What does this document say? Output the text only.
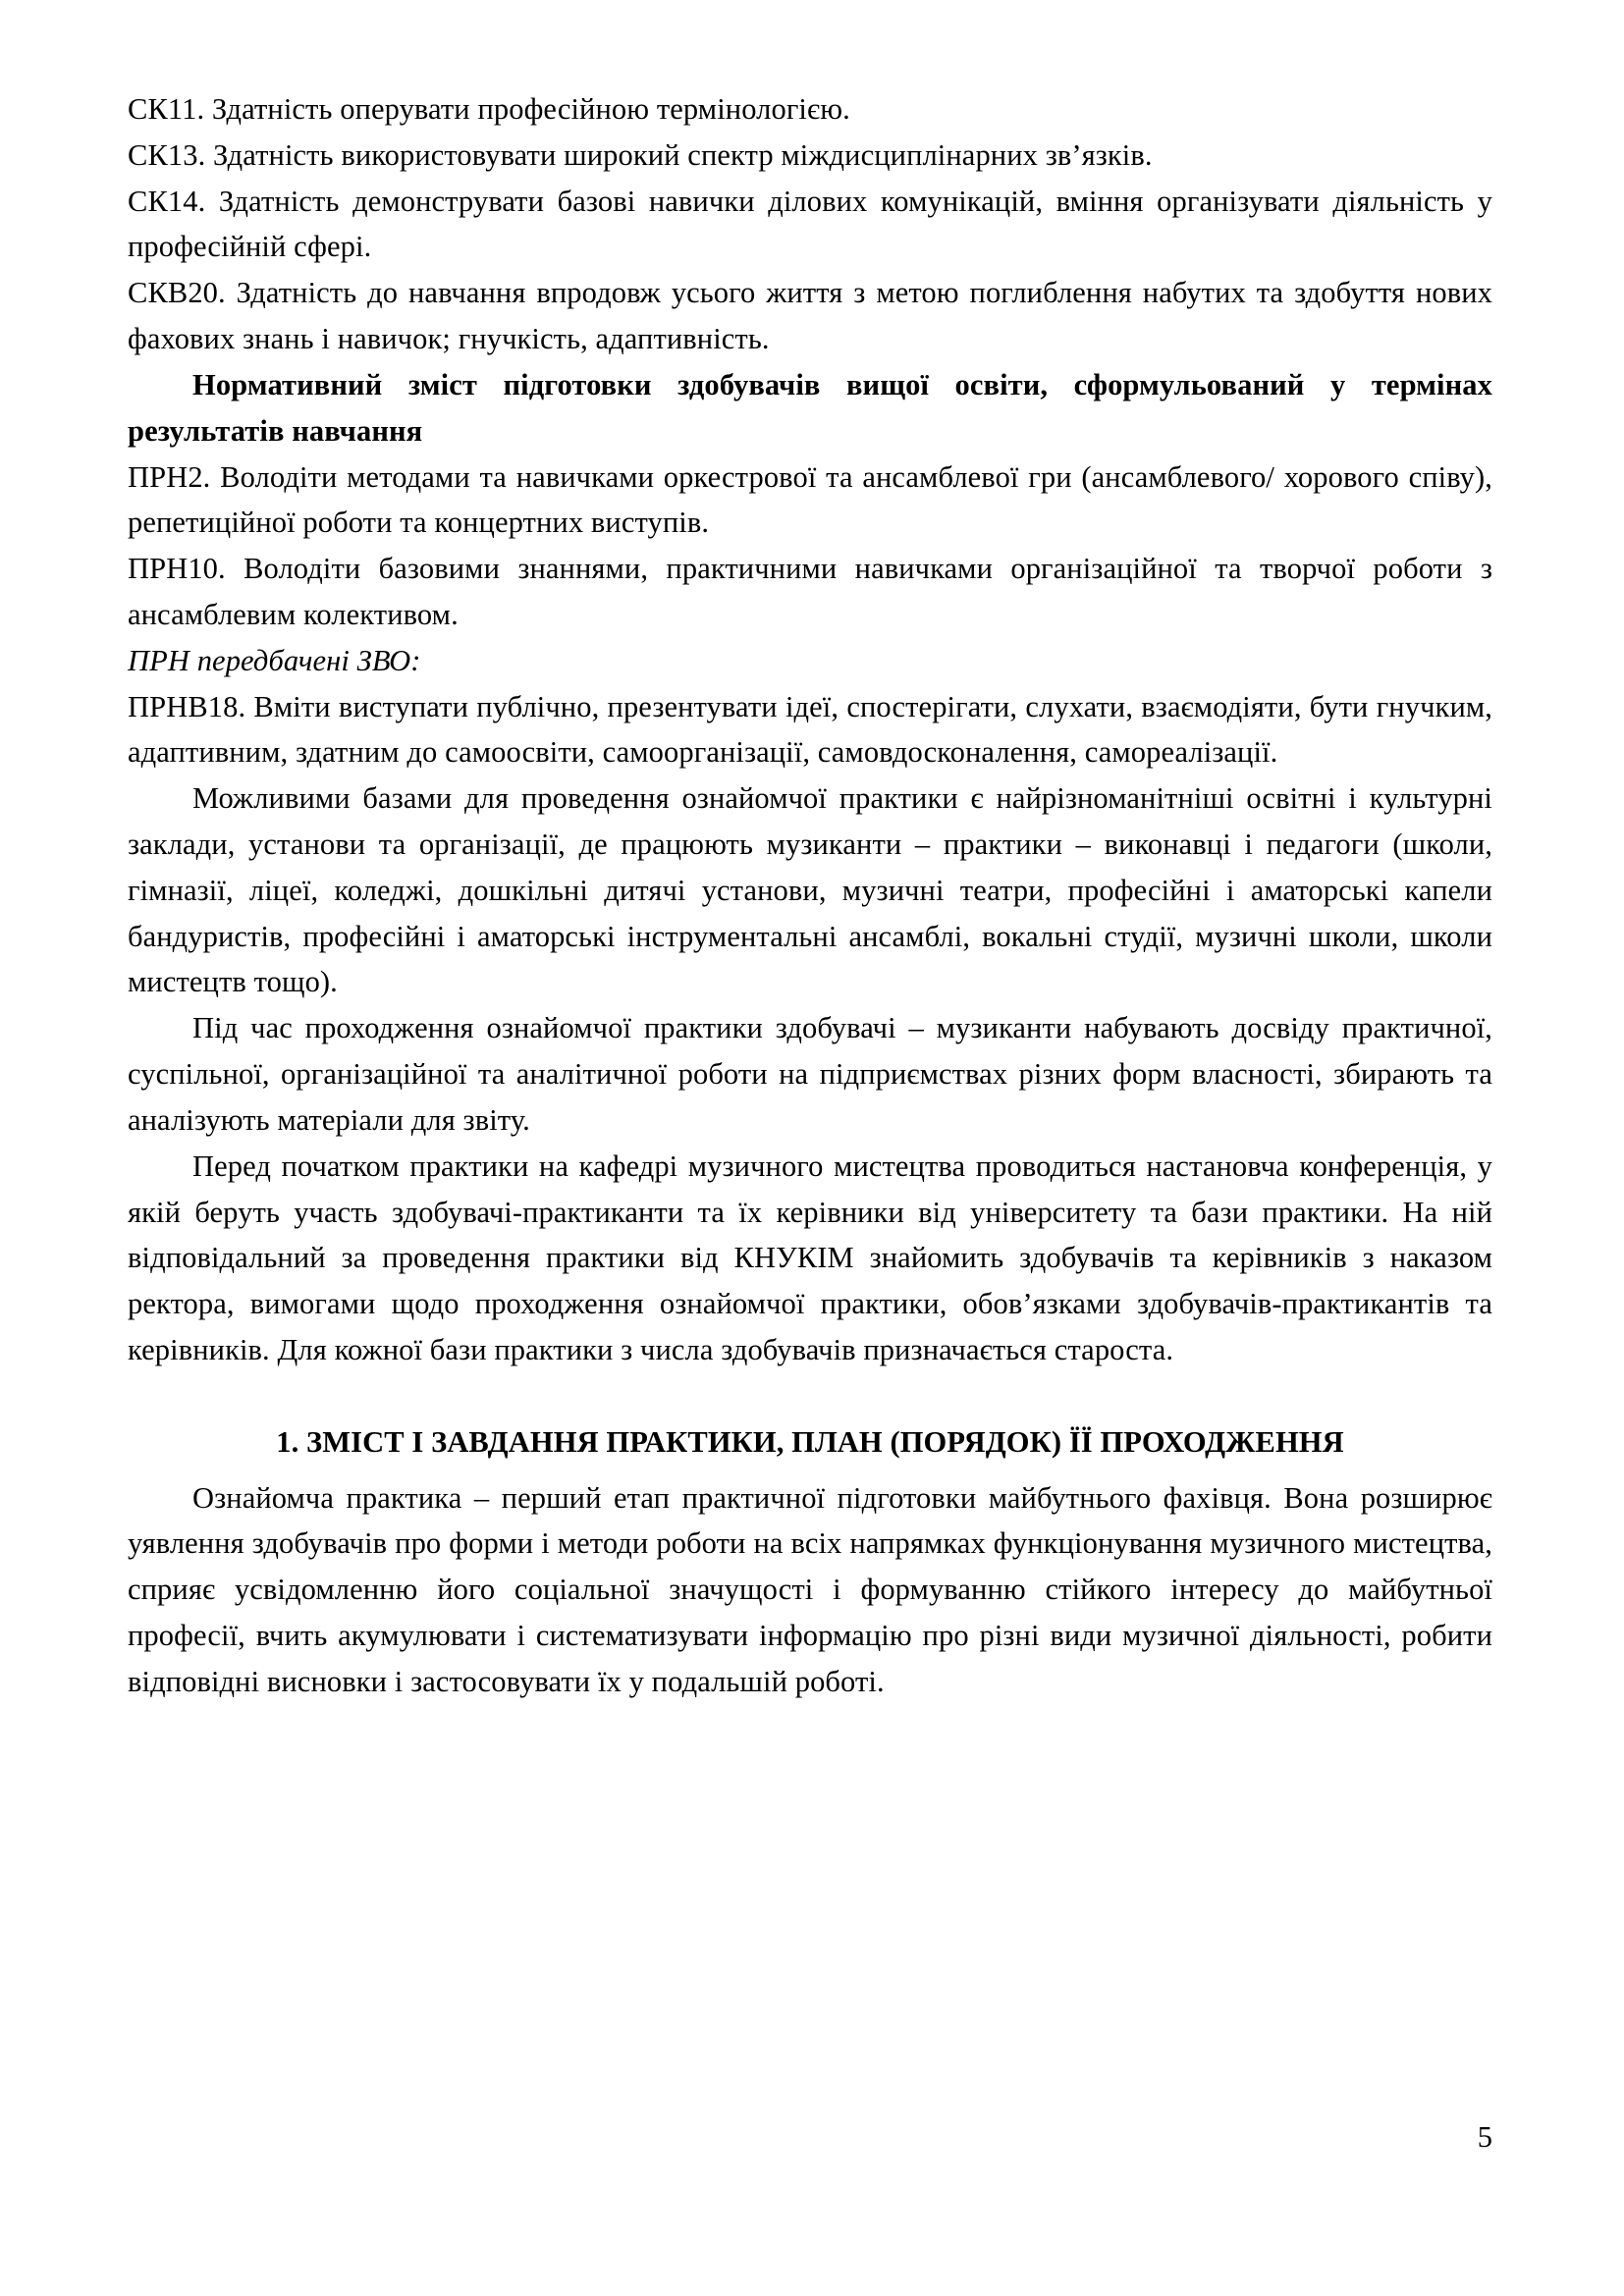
СК11. Здатність оперувати професійною термінологією.

СК13. Здатність використовувати широкий спектр міждисциплінарних зв’язків.

СК14. Здатність демонструвати базові навички ділових комунікацій, вміння організувати діяльність у професійній сфері.

СКВ20. Здатність до навчання впродовж усього життя з метою поглиблення набутих та здобуття нових фахових знань і навичок; гнучкість, адаптивність.

Нормативний зміст підготовки здобувачів вищої освіти, сформульований у термінах результатів навчання

ПРН2. Володіти методами та навичками оркестрової та ансамблевої гри (ансамблевого/ хорового співу), репетиційної роботи та концертних виступів.

ПРН10. Володіти базовими знаннями, практичними навичками організаційної та творчої роботи з ансамблевим колективом.

ПРН передбачені ЗВО:

ПРНВ18. Вміти виступати публічно, презентувати ідеї, спостерігати, слухати, взаємодіяти, бути гнучким, адаптивним, здатним до самоосвіти, самоорганізації, самовдосконалення, самореалізації.

Можливими базами для проведення ознайомчої практики є найрізноманітніші освітні і культурні заклади, установи та організації, де працюють музиканти – практики – виконавці і педагоги (школи, гімназії, ліцеї, коледжі, дошкільні дитячі установи, музичні театри, професійні і аматорські капели бандуристів, професійні і аматорські інструментальні ансамблі, вокальні студії, музичні школи, школи мистецтв тощо).

Під час проходження ознайомчої практики здобувачі – музиканти набувають досвіду практичної, суспільної, організаційної та аналітичної роботи на підприємствах різних форм власності, збирають та аналізують матеріали для звіту.

Перед початком практики на кафедрі музичного мистецтва проводиться настановча конференція, у якій беруть участь здобувачі-практиканти та їх керівники від університету та бази практики. На ній відповідальний за проведення практики від КНУКІМ знайомить здобувачів та керівників з наказом ректора, вимогами щодо проходження ознайомчої практики, обов’язками здобувачів-практикантів та керівників. Для кожної бази практики з числа здобувачів призначається староста.

1. ЗМІСТ І ЗАВДАННЯ ПРАКТИКИ, ПЛАН (ПОРЯДОК) ЇЇ ПРОХОДЖЕННЯ

Ознайомча практика – перший етап практичної підготовки майбутнього фахівця. Вона розширює уявлення здобувачів про форми і методи роботи на всіх напрямках функціонування музичного мистецтва, сприяє усвідомленню його соціальної значущості і формуванню стійкого інтересу до майбутньої професії, вчить акумулювати і систематизувати інформацію про різні види музичної діяльності, робити відповідні висновки і застосовувати їх у подальшій роботі.

5
